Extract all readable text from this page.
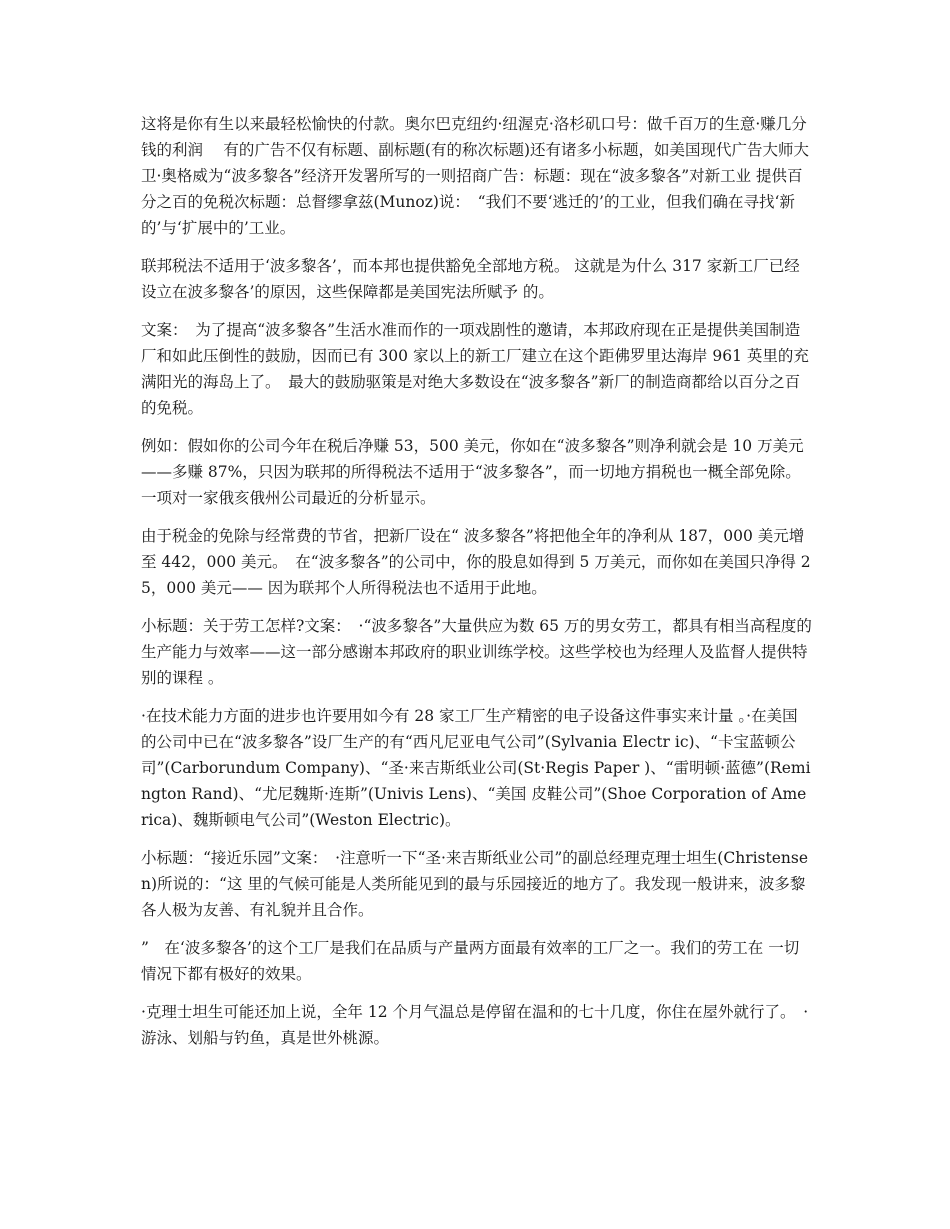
这将是你有生以来最轻松愉快的付款。奥尔巴克纽约·纽渥克·洛杉矶口号：做千百万的生意·赚几分钱的利润　 有的广告不仅有标题、副标题(有的称次标题)还有诸多小标题，如美国现代广告大师大卫·奥格威为“波多黎各”经济开发署所写的一则招商广告：标题：现在“波多黎各”对新工业 提供百分之百的免税次标题：总督缪拿兹(Munoz)说：　“我们不要‘逃迁的’的工业，但我们确在寻找‘新的’与‘扩展中的’工业。

联邦税法不适用于‘波多黎各’，而本邦也提供豁免全部地方税。 这就是为什么 317 家新工厂已经设立在波多黎各’的原因，这些保障都是美国宪法所赋予 的。

文案：　为了提高“波多黎各”生活水准而作的一项戏剧性的邀请，本邦政府现在正是提供美国制造厂和如此压倒性的鼓励，因而已有 300 家以上的新工厂建立在这个距佛罗里达海岸 961 英里的充满阳光的海岛上了。　最大的鼓励驱策是对绝大多数设在“波多黎各”新厂的制造商都给以百分之百的免税。

例如：假如你的公司今年在税后净赚 53，500 美元，你如在“波多黎各”则净利就会是 10 万美元——多赚 87%，只因为联邦的所得税法不适用于“波多黎各”，而一切地方捐税也一概全部免除。　一项对一家俄亥俄州公司最近的分析显示。

由于税金的免除与经常费的节省，把新厂设在“ 波多黎各”将把他全年的净利从 187，000 美元增至 442，000 美元。　在“波多黎各”的公司中，你的股息如得到 5 万美元，而你如在美国只净得 25，000 美元—— 因为联邦个人所得税法也不适用于此地。

小标题：关于劳工怎样?文案：　·“波多黎各”大量供应为数 65 万的男女劳工，都具有相当高程度的生产能力与效率——这一部分感谢本邦政府的职业训练学校。这些学校也为经理人及监督人提供特别的课程 。

·在技术能力方面的进步也许要用如今有 28 家工厂生产精密的电子设备这件事实来计量 。·在美国的公司中已在“波多黎各”设厂生产的有“西凡尼亚电气公司”(Sylvania Electr ic)、“卡宝蓝顿公司”(Carborundum Company)、“圣·来吉斯纸业公司(St·Regis Paper )、“雷明顿·蓝德”(Remington Rand)、“尤尼魏斯·连斯”(Univis Lens)、“美国 皮鞋公司”(Shoe Corporation of America)、魏斯顿电气公司”(Weston Electric)。

小标题：“接近乐园”文案：　·注意听一下“圣·来吉斯纸业公司”的副总经理克理士坦生(Christensen)所说的：“这 里的气候可能是人类所能见到的最与乐园接近的地方了。我发现一般讲来，波多黎各人极为友善、有礼貌并且合作。

”　在‘波多黎各’的这个工厂是我们在品质与产量两方面最有效率的工厂之一。我们的劳工在 一切情况下都有极好的效果。

·克理士坦生可能还加上说，全年 12 个月气温总是停留在温和的七十几度，你住在屋外就行了。　·游泳、划船与钓鱼，真是世外桃源。
